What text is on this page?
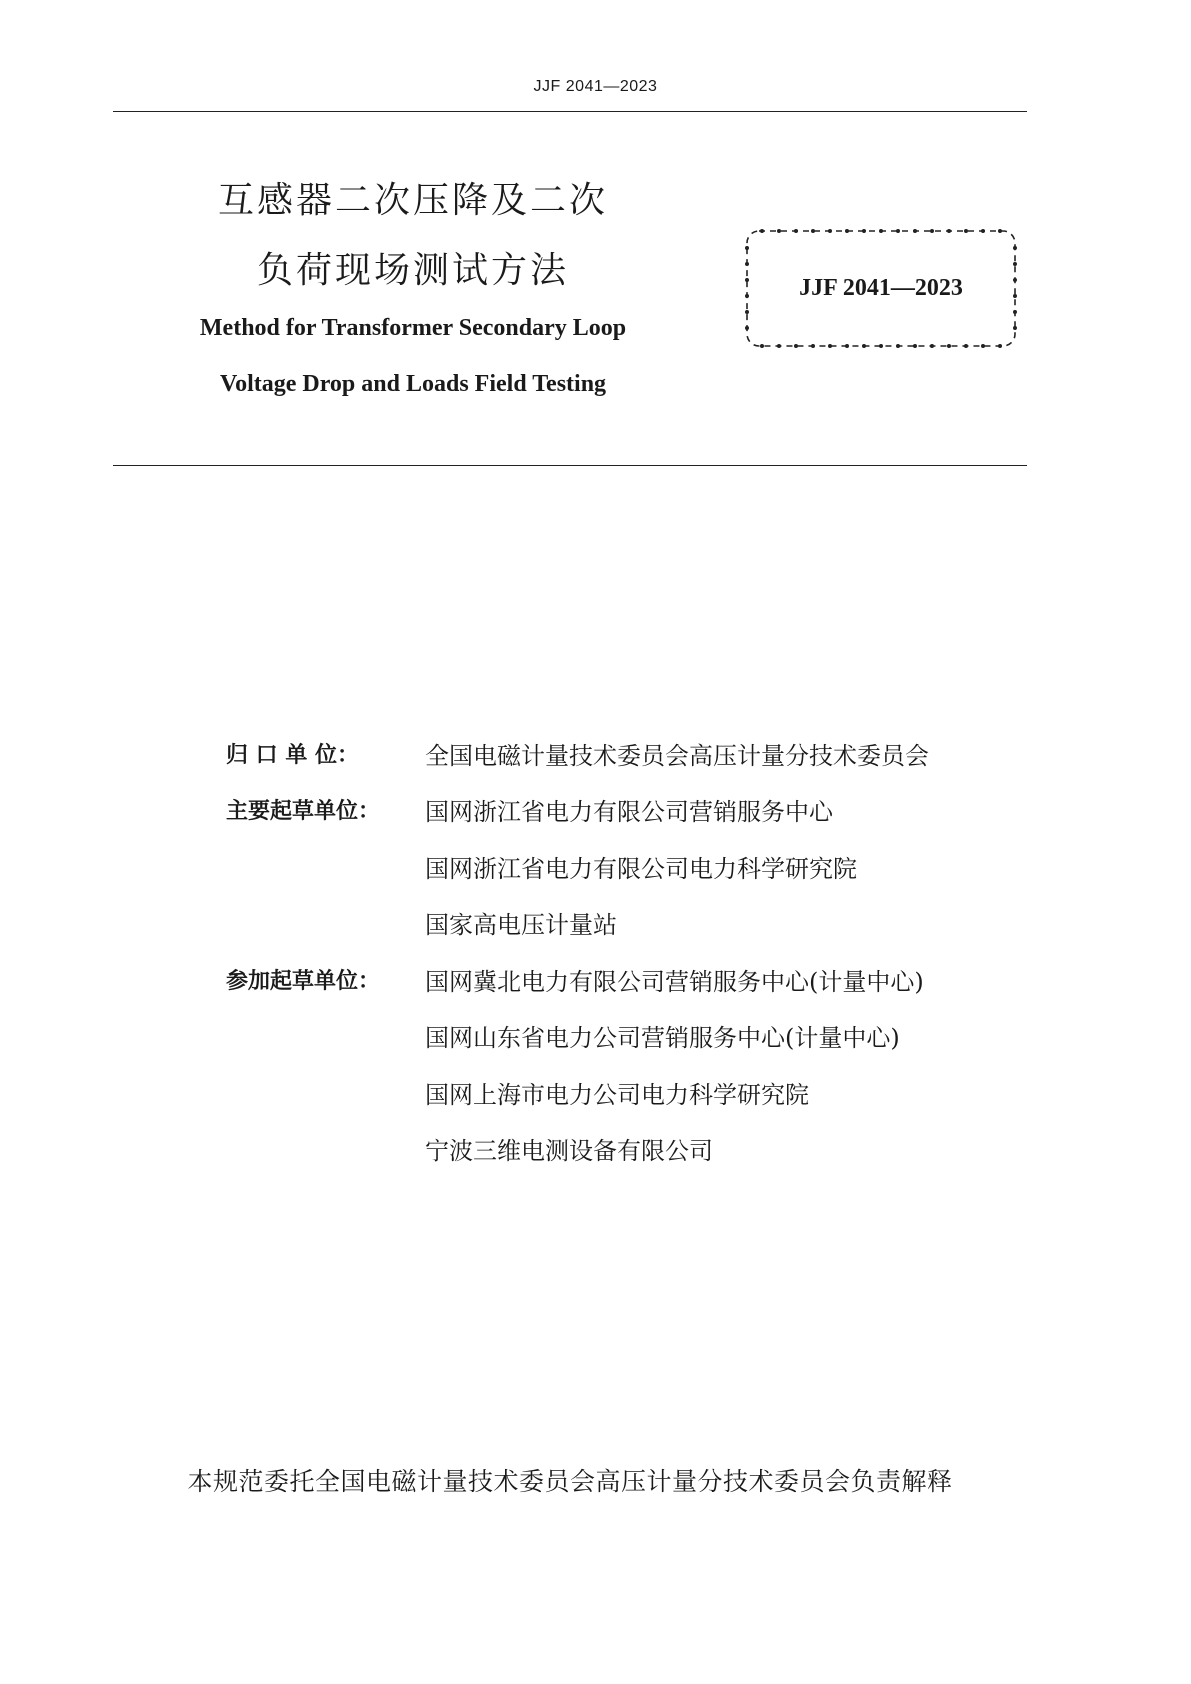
JJF 2041—2023
互感器二次压降及二次
负荷现场测试方法
Method for Transformer Secondary Loop
Voltage Drop and Loads Field Testing
JJF 2041—2023
归 口 单 位：	全国电磁计量技术委员会高压计量分技术委员会
主要起草单位： 国网浙江省电力有限公司营销服务中心
国网浙江省电力有限公司电力科学研究院
国家高电压计量站
参加起草单位： 国网冀北电力有限公司营销服务中心(计量中心)
国网山东省电力公司营销服务中心(计量中心)
国网上海市电力公司电力科学研究院
宁波三维电测设备有限公司
本规范委托全国电磁计量技术委员会高压计量分技术委员会负责解释
